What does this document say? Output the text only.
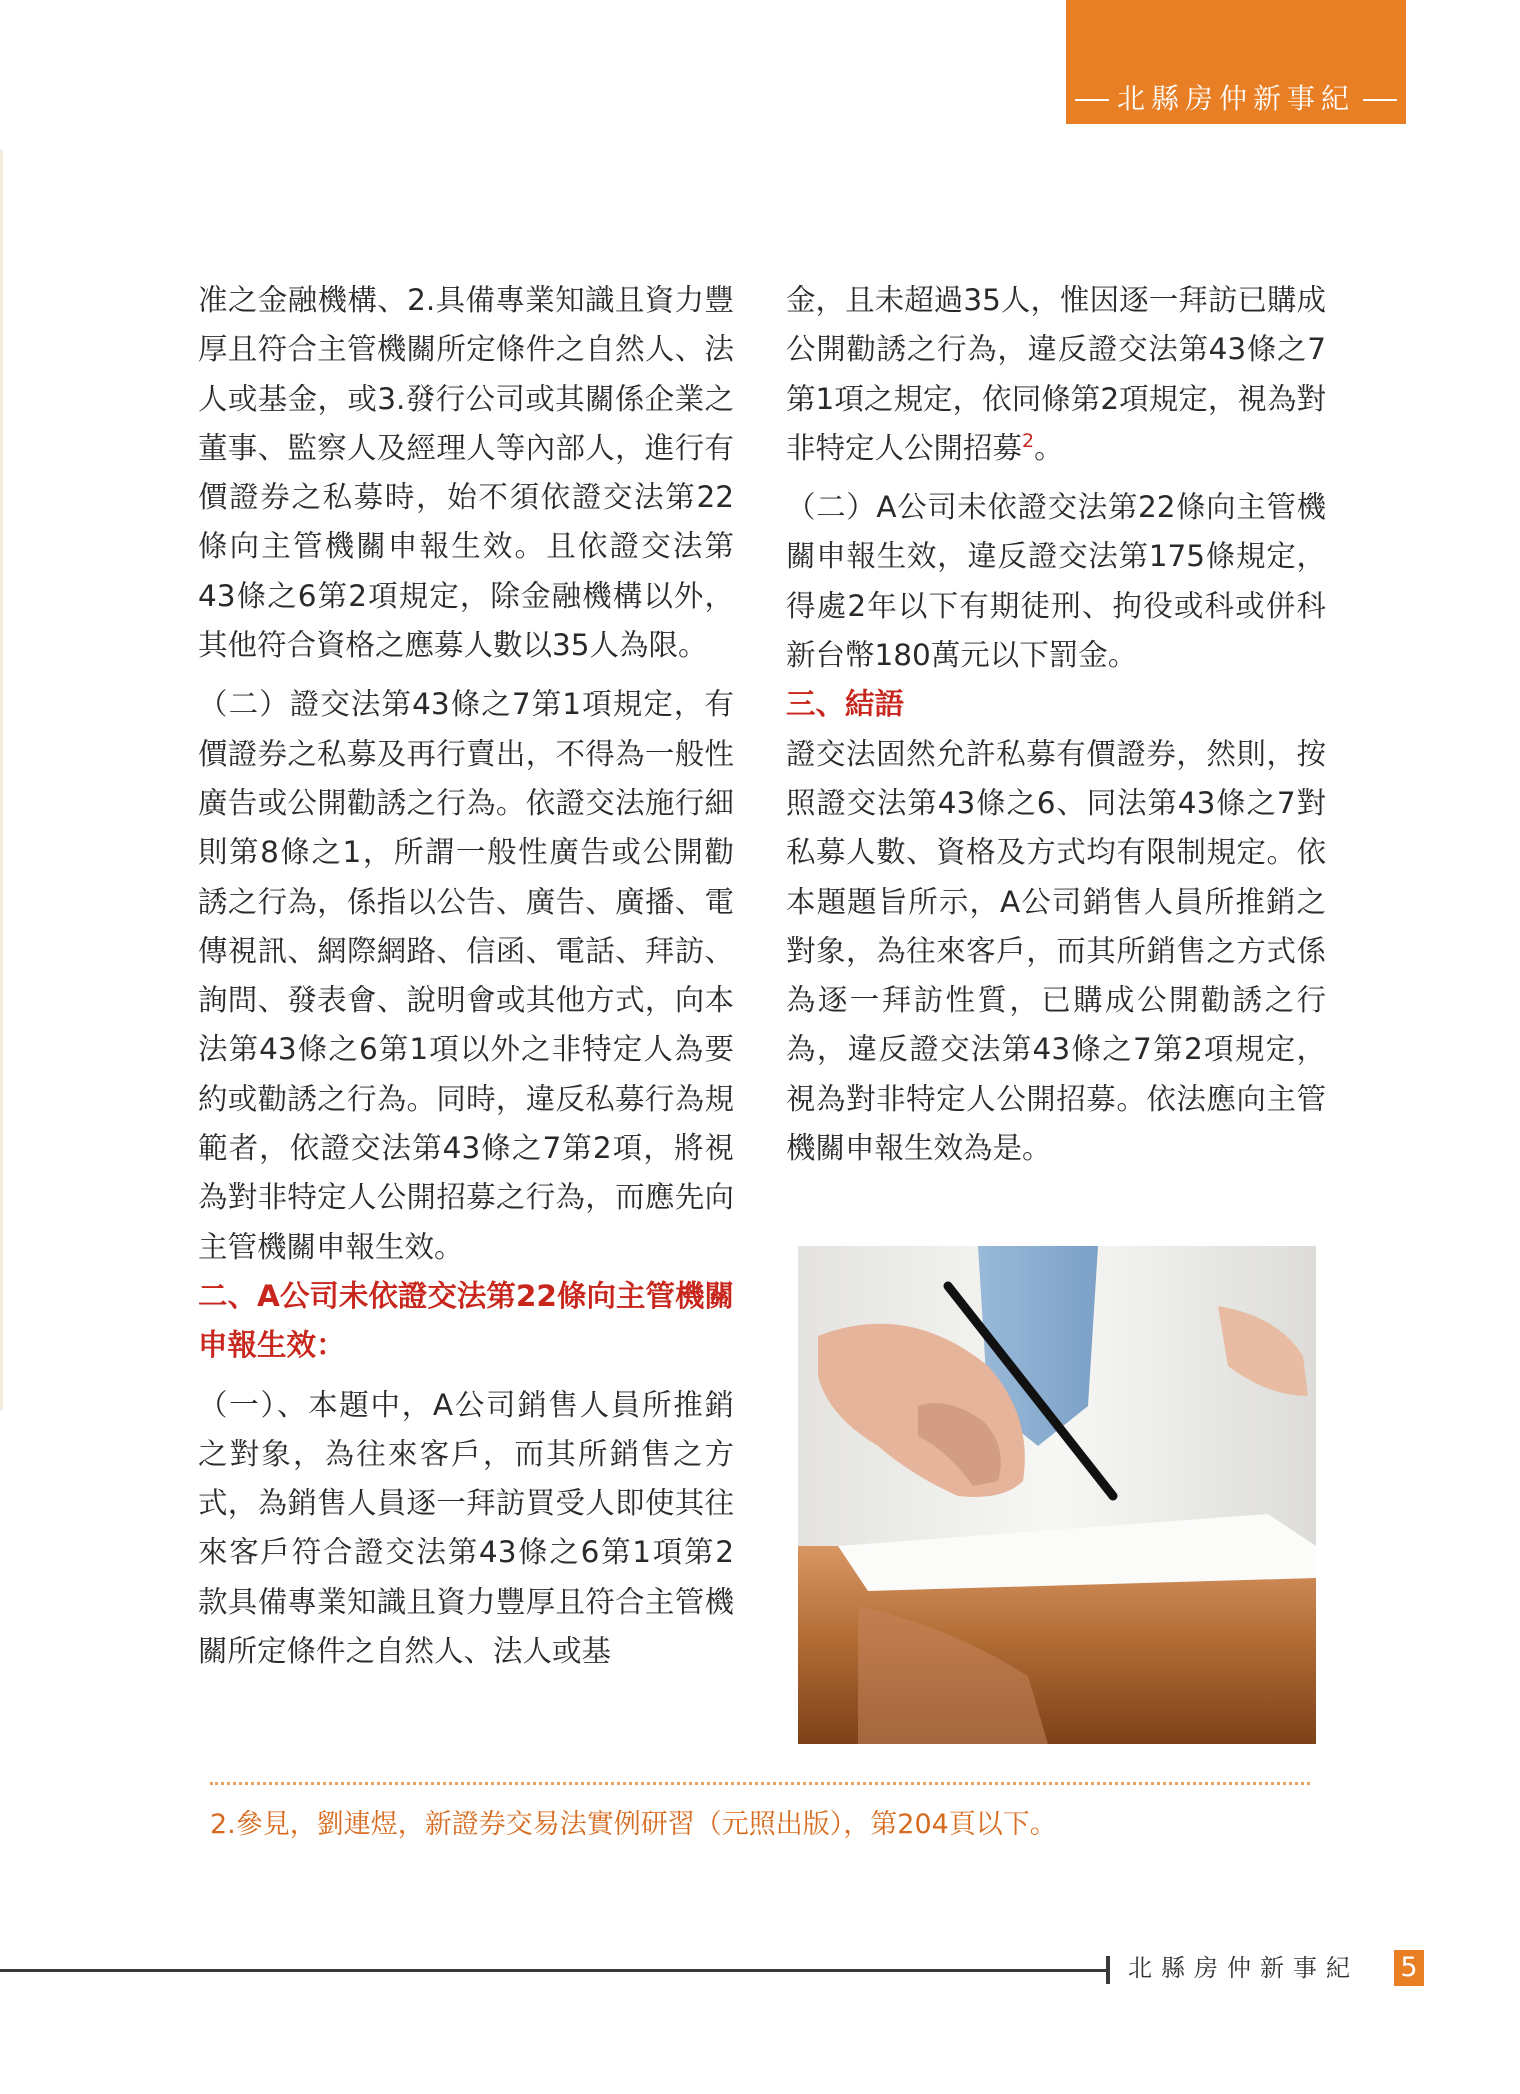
北縣房仲新事紀

准之金融機構、2.具備專業知識且資力豐厚且符合主管機關所定條件之自然人、法人或基金，或3.發行公司或其關係企業之董事、監察人及經理人等內部人，進行有價證券之私募時，始不須依證交法第22條向主管機關申報生效。且依證交法第43條之6第2項規定，除金融機構以外，其他符合資格之應募人數以35人為限。

（二）證交法第43條之7第1項規定，有價證券之私募及再行賣出，不得為一般性廣告或公開勸誘之行為。依證交法施行細則第8條之1，所謂一般性廣告或公開勸誘之行為，係指以公告、廣告、廣播、電傳視訊、網際網路、信函、電話、拜訪、詢問、發表會、說明會或其他方式，向本法第43條之6第1項以外之非特定人為要約或勸誘之行為。同時，違反私募行為規範者，依證交法第43條之7第2項，將視為對非特定人公開招募之行為，而應先向主管機關申報生效。

二、A公司未依證交法第22條向主管機關申報生效：

（一）、本題中，A公司銷售人員所推銷之對象，為往來客戶，而其所銷售之方式，為銷售人員逐一拜訪買受人即使其往來客戶符合證交法第43條之6第1項第2款具備專業知識且資力豐厚且符合主管機關所定條件之自然人、法人或基

金，且未超過35人，惟因逐一拜訪已購成公開勸誘之行為，違反證交法第43條之7第1項之規定，依同條第2項規定，視為對非特定人公開招募$^2$。

（二）A公司未依證交法第22條向主管機關申報生效，違反證交法第175條規定，得處2年以下有期徒刑、拘役或科或併科新台幣180萬元以下罰金。

三、結語

證交法固然允許私募有價證券，然則，按照證交法第43條之6、同法第43條之7對私募人數、資格及方式均有限制規定。依本題題旨所示，A公司銷售人員所推銷之對象，為往來客戶，而其所銷售之方式係為逐一拜訪性質，已購成公開勸誘之行為，違反證交法第43條之7第2項規定，視為對非特定人公開招募。依法應向主管機關申報生效為是。

2.參見，劉連煜，新證券交易法實例研習（元照出版），第204頁以下。
北縣房仲新事紀 5
